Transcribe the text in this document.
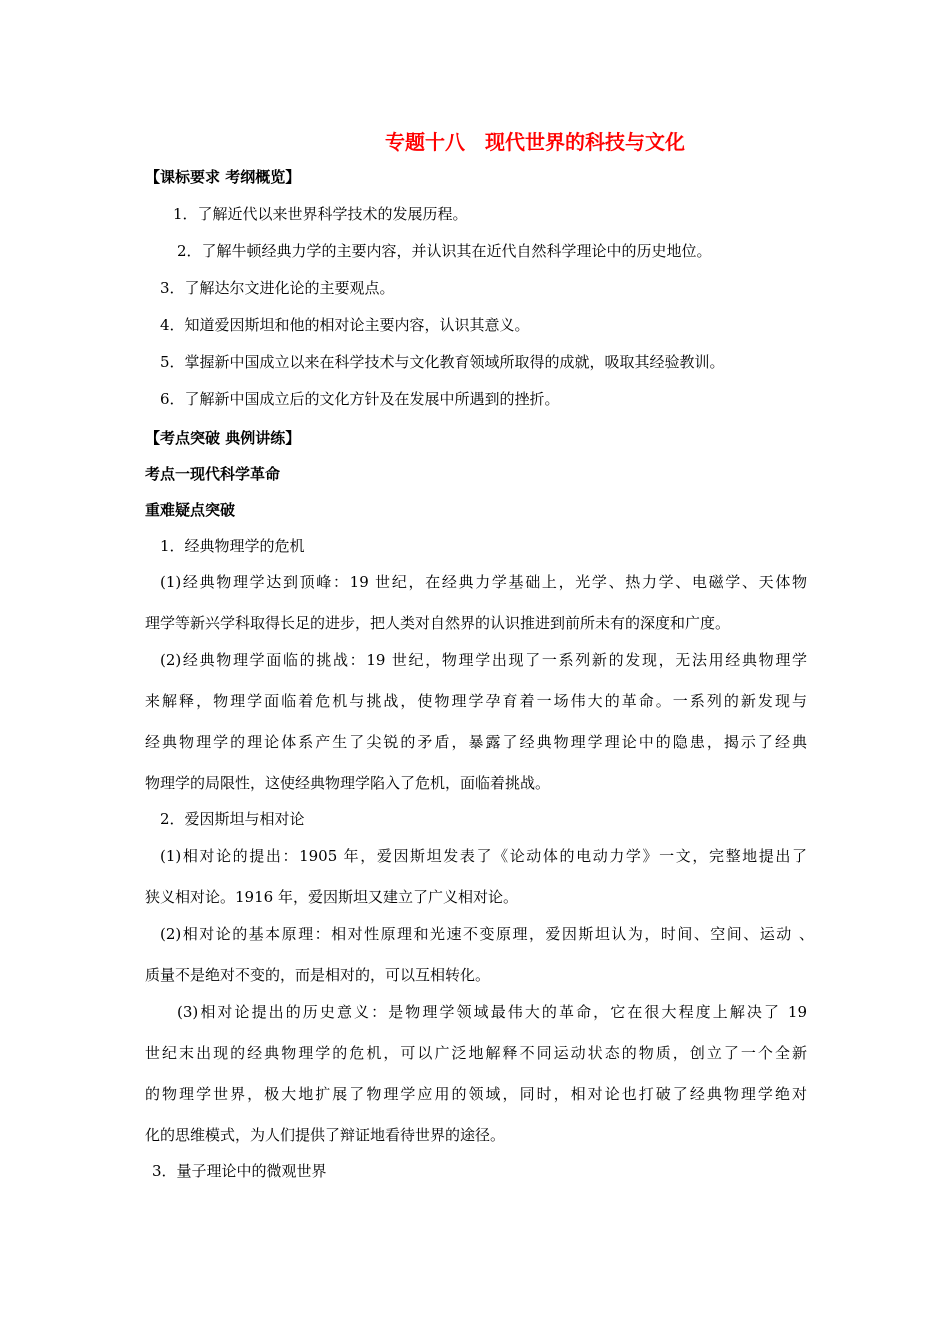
专题十八　现代世界的科技与文化
【课标要求 考纲概览】
1．了解近代以来世界科学技术的发展历程。
2．了解牛顿经典力学的主要内容，并认识其在近代自然科学理论中的历史地位。
3．了解达尔文进化论的主要观点。
4．知道爱因斯坦和他的相对论主要内容，认识其意义。
5．掌握新中国成立以来在科学技术与文化教育领域所取得的成就，吸取其经验教训。
6．了解新中国成立后的文化方针及在发展中所遇到的挫折。
【考点突破 典例讲练】
考点一现代科学革命
重难疑点突破
1．经典物理学的危机
(1)经典物理学达到顶峰：19 世纪，在经典力学基础上，光学、热力学、电磁学、天体物
理学等新兴学科取得长足的进步，把人类对自然界的认识推进到前所未有的深度和广度。
(2)经典物理学面临的挑战：19 世纪，物理学出现了一系列新的发现，无法用经典物理学
来解释，物理学面临着危机与挑战，使物理学孕育着一场伟大的革命。一系列的新发现与
经典物理学的理论体系产生了尖锐的矛盾，暴露了经典物理学理论中的隐患，揭示了经典
物理学的局限性，这使经典物理学陷入了危机，面临着挑战。
2．爱因斯坦与相对论
(1)相对论的提出：1905 年，爱因斯坦发表了《论动体的电动力学》一文，完整地提出了
狭义相对论。1916 年，爱因斯坦又建立了广义相对论。
(2)相对论的基本原理：相对性原理和光速不变原理，爱因斯坦认为，时间、空间、运动 、
质量不是绝对不变的，而是相对的，可以互相转化。
(3)相对论提出的历史意义：是物理学领域最伟大的革命，它在很大程度上解决了 19
世纪末出现的经典物理学的危机，可以广泛地解释不同运动状态的物质，创立了一个全新
的物理学世界，极大地扩展了物理学应用的领域，同时，相对论也打破了经典物理学绝对
化的思维模式，为人们提供了辩证地看待世界的途径。
3．量子理论中的微观世界
